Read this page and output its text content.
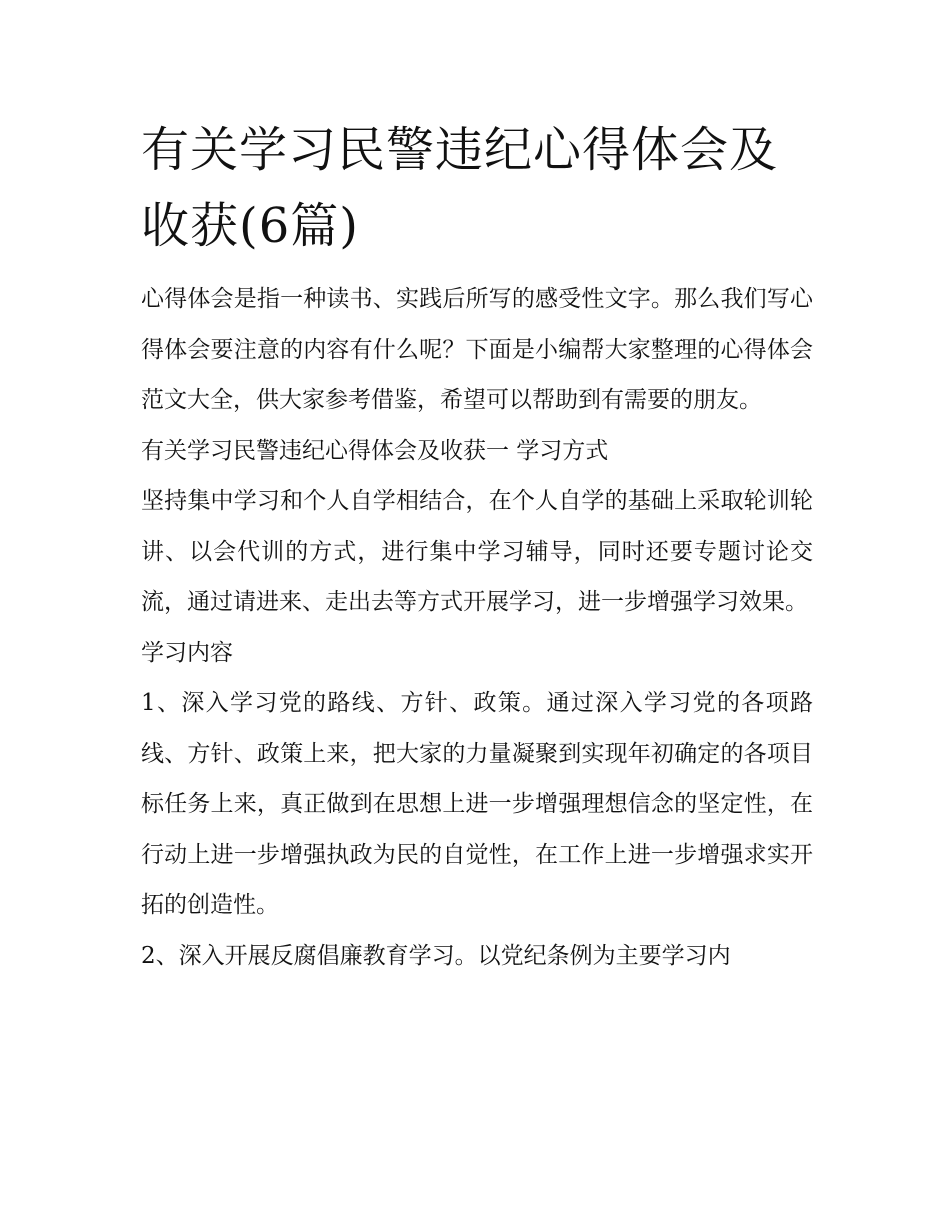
有关学习民警违纪心得体会及收获(6篇)

心得体会是指一种读书、实践后所写的感受性文字。那么我们写心得体会要注意的内容有什么呢？下面是小编帮大家整理的心得体会范文大全，供大家参考借鉴，希望可以帮助到有需要的朋友。

有关学习民警违纪心得体会及收获一 学习方式

坚持集中学习和个人自学相结合，在个人自学的基础上采取轮训轮讲、以会代训的方式，进行集中学习辅导，同时还要专题讨论交流，通过请进来、走出去等方式开展学习，进一步增强学习效果。

学习内容

1、深入学习党的路线、方针、政策。通过深入学习党的各项路线、方针、政策上来，把大家的力量凝聚到实现年初确定的各项目标任务上来，真正做到在思想上进一步增强理想信念的坚定性，在行动上进一步增强执政为民的自觉性，在工作上进一步增强求实开拓的创造性。

2、深入开展反腐倡廉教育学习。以党纪条例为主要学习内
